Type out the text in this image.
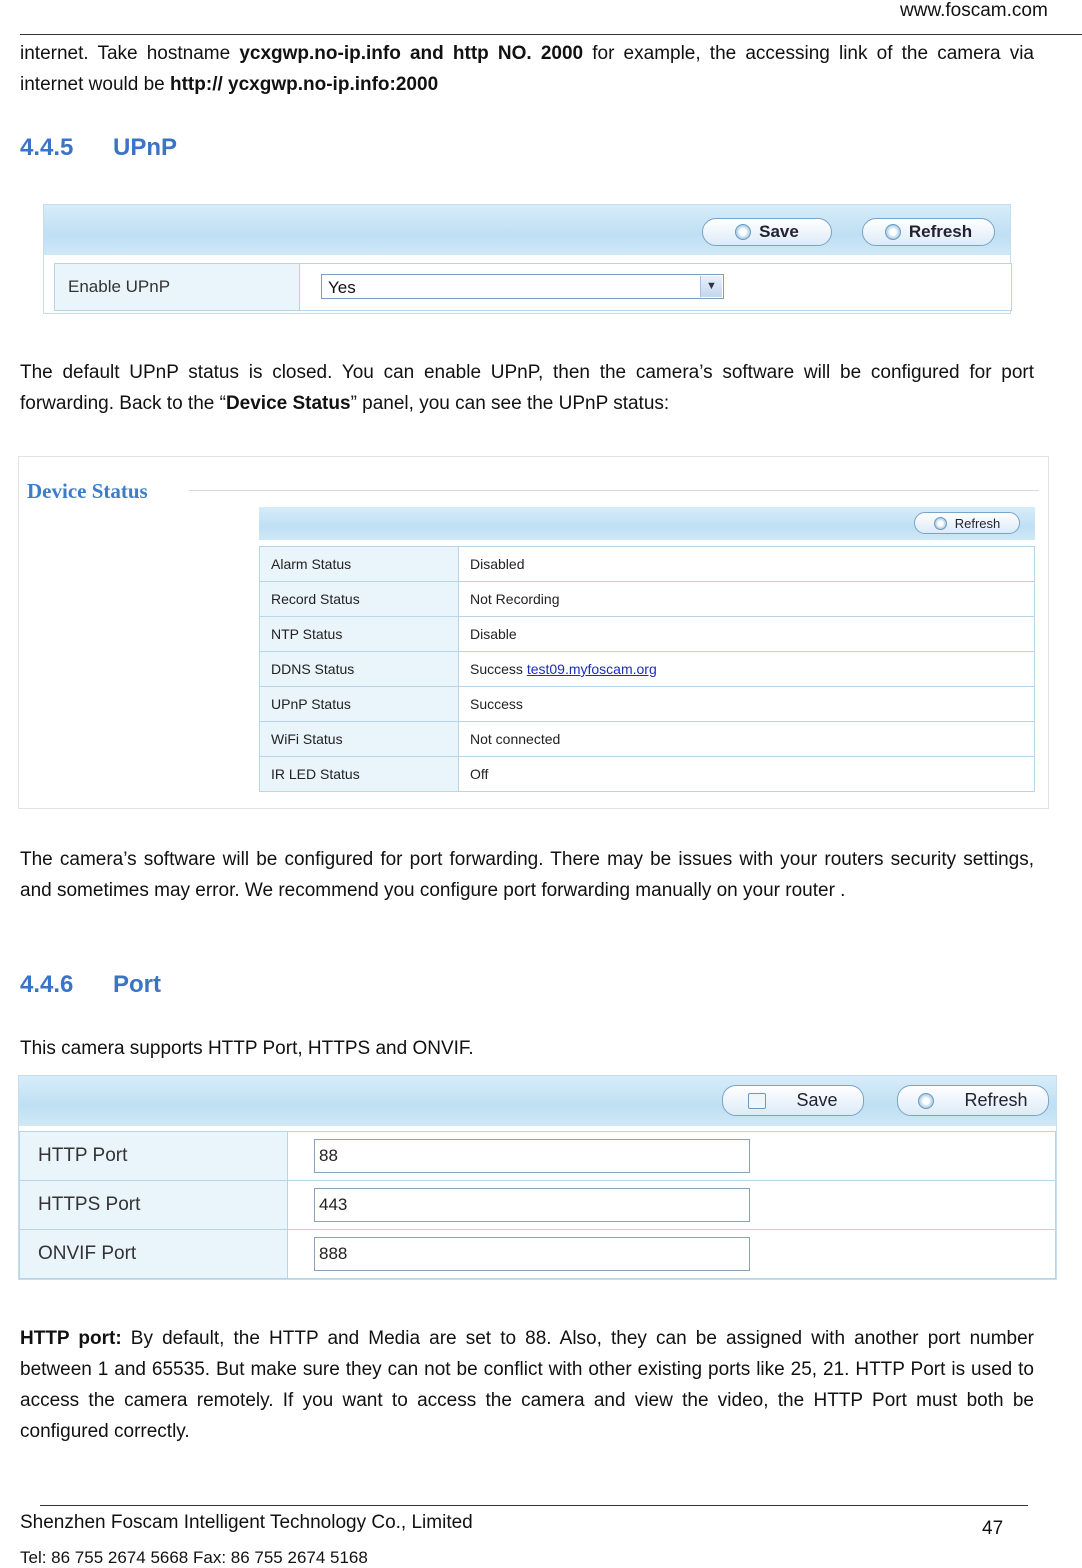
www.foscam.com

internet. Take hostname ycxgwp.no-ip.info and http NO. 2000 for example, the accessing link of the camera via internet would be http:// ycxgwp.no-ip.info:2000

4.4.5 UPnP
Save	Refresh
Enable UPnP	Yes	▼

The default UPnP status is closed. You can enable UPnP, then the camera’s software will be configured for port forwarding. Back to the “Device Status” panel, you can see the UPnP status:

Device Status
Refresh
Alarm Status	Disabled
Record Status	Not Recording
NTP Status	Disable
DDNS Status	Success test09.myfoscam.org
UPnP Status	Success
WiFi Status	Not connected
IR LED Status	Off

The camera’s software will be configured for port forwarding. There may be issues with your routers security settings, and sometimes may error. We recommend you configure port forwarding manually on your router .

4.4.6 Port

This camera supports HTTP Port, HTTPS and ONVIF.

Save	Refresh
HTTP Port	88

HTTPS Port	443

ONVIF Port	888

HTTP port: By default, the HTTP and Media are set to 88. Also, they can be assigned with another port number between 1 and 65535. But make sure they can not be conflict with other existing ports like 25, 21. HTTP Port is used to access the camera remotely. If you want to access the camera and view the video, the HTTP Port must both be configured correctly.

Shenzhen Foscam Intelligent Technology Co., Limited	47
Tel: 86 755 2674 5668 Fax: 86 755 2674 5168
